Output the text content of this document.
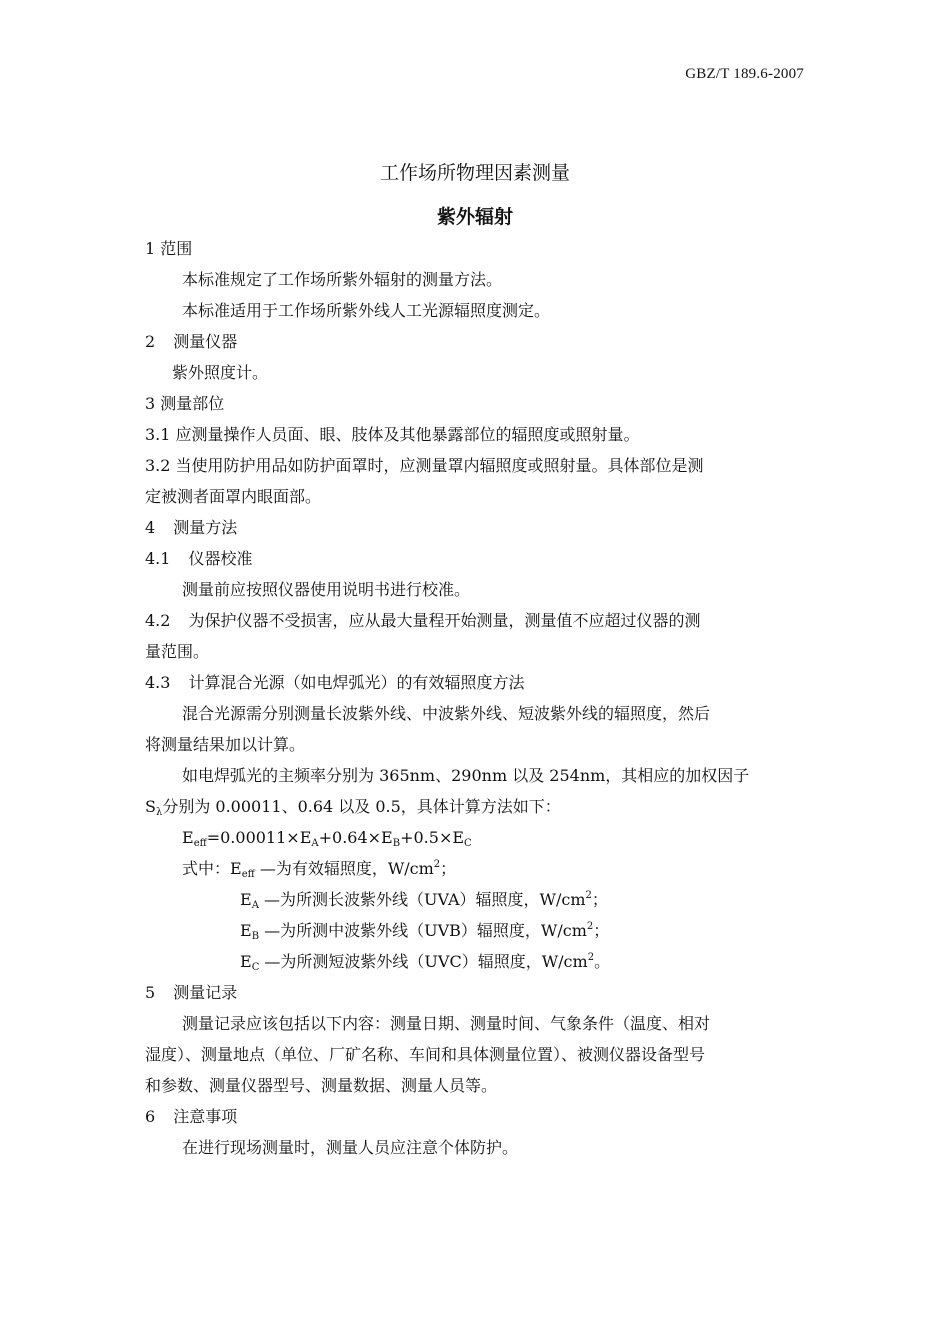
GBZ/T 189.6-2007
工作场所物理因素测量
紫外辐射
1 范围
本标准规定了工作场所紫外辐射的测量方法。
本标准适用于工作场所紫外线人工光源辐照度测定。
2 测量仪器
紫外照度计。
3 测量部位
3.1 应测量操作人员面、眼、肢体及其他暴露部位的辐照度或照射量。
3.2 当使用防护用品如防护面罩时，应测量罩内辐照度或照射量。具体部位是测
定被测者面罩内眼面部。
4 测量方法
4.1 仪器校准
测量前应按照仪器使用说明书进行校准。
4.2 为保护仪器不受损害，应从最大量程开始测量，测量值不应超过仪器的测
量范围。
4.3 计算混合光源（如电焊弧光）的有效辐照度方法
混合光源需分别测量长波紫外线、中波紫外线、短波紫外线的辐照度，然后
将测量结果加以计算。
如电焊弧光的主频率分别为 365nm、290nm 以及 254nm，其相应的加权因子
$S_\lambda$分别为 0.00011、0.64 以及 0.5，具体计算方法如下：
$E_{eff}=0.00011\times E_A+0.64\times E_B+0.5\times E_C$
式中：$E_{eff}$ —为有效辐照度，$W/cm^2$；
$E_A$ —为所测长波紫外线（UVA）辐照度，$W/cm^2$；
$E_B$ —为所测中波紫外线（UVB）辐照度，$W/cm^2$；
$E_C$ —为所测短波紫外线（UVC）辐照度，$W/cm^2$。
5 测量记录
测量记录应该包括以下内容：测量日期、测量时间、气象条件（温度、相对
湿度）、测量地点（单位、厂矿名称、车间和具体测量位置）、被测仪器设备型号
和参数、测量仪器型号、测量数据、测量人员等。
6 注意事项
在进行现场测量时，测量人员应注意个体防护。
